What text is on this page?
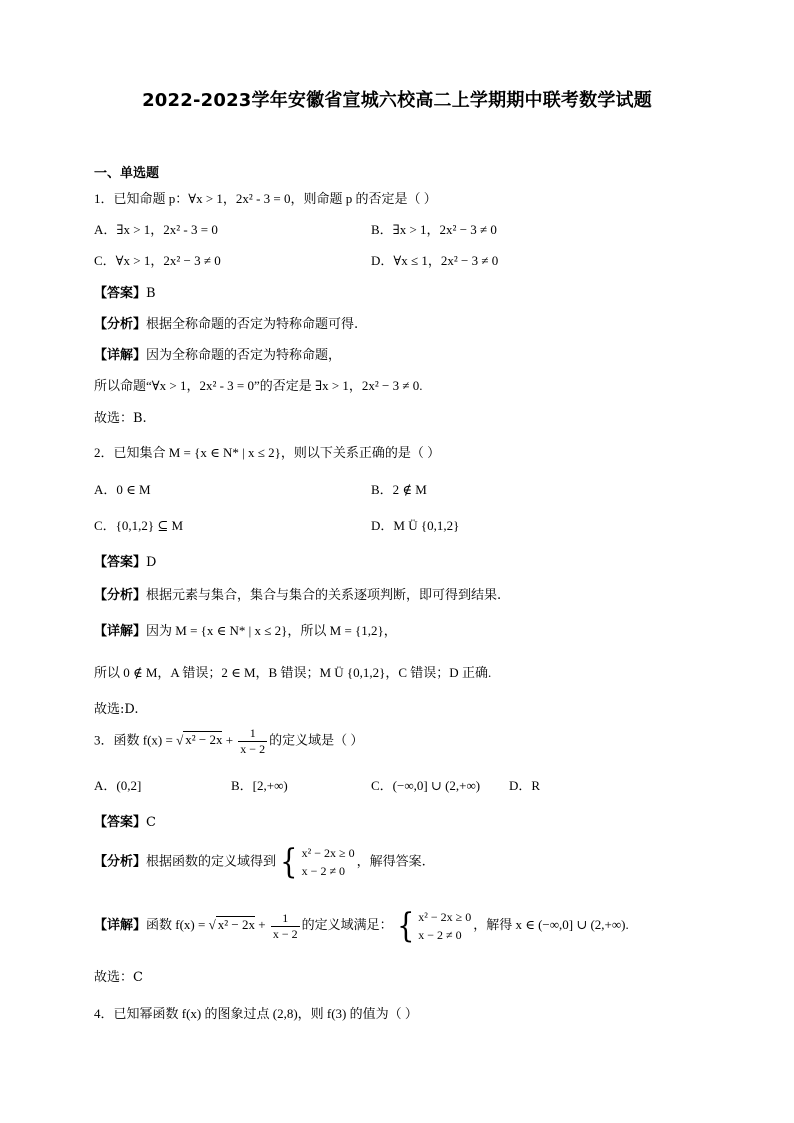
2022-2023学年安徽省宣城六校高二上学期期中联考数学试题
一、单选题
1．已知命题 p：∀x > 1，2x² - 3 = 0，则命题 p 的否定是（ ）
A．∃x > 1，2x² - 3 = 0	B．∃x > 1，2x² − 3 ≠ 0
C．∀x > 1，2x² − 3 ≠ 0	D．∀x ≤ 1，2x² − 3 ≠ 0
【答案】B
【分析】根据全称命题的否定为特称命题可得.
【详解】因为全称命题的否定为特称命题，
所以命题“∀x > 1，2x² - 3 = 0”的否定是 ∃x > 1，2x² − 3 ≠ 0.
故选：B.
2．已知集合 M = {x ∈ N* | x ≤ 2}，则以下关系正确的是（ ）
A．0 ∈ M	B．2 ∉ M
C．{0,1,2} ⊆ M	D．M Ü {0,1,2}
【答案】D
【分析】根据元素与集合，集合与集合的关系逐项判断，即可得到结果.
【详解】因为 M = {x ∈ N* | x ≤ 2}，所以 M = {1,2}，
所以 0 ∉ M，A 错误；2 ∈ M，B 错误；M Ü {0,1,2}，C 错误；D 正确.
故选:D.
3．函数 f(x) = √ $x^2 - 2x + \frac{1}{x - 2}$ 的定义域是（ ）
A．(0,2]	B．[2,+∞)	C．(−∞,0] ∪ (2,+∞) D．R
【答案】C
【分析】根据函数的定义域得到 { x² − 2x ≥ 0
x − 2 ≠ 0
，解得答案.
【详解】函数 f(x) = √ $x^2 - 2x + \frac{1}{x - 2}$ 的定义域满足： { x² − 2x ≥ 0
x − 2 ≠ 0
，解得 x ∈ (−∞,0] ∪ (2,+∞).
故选：C
4．已知幂函数 f(x) 的图象过点 (2,8)，则 f(3) 的值为（ ）
